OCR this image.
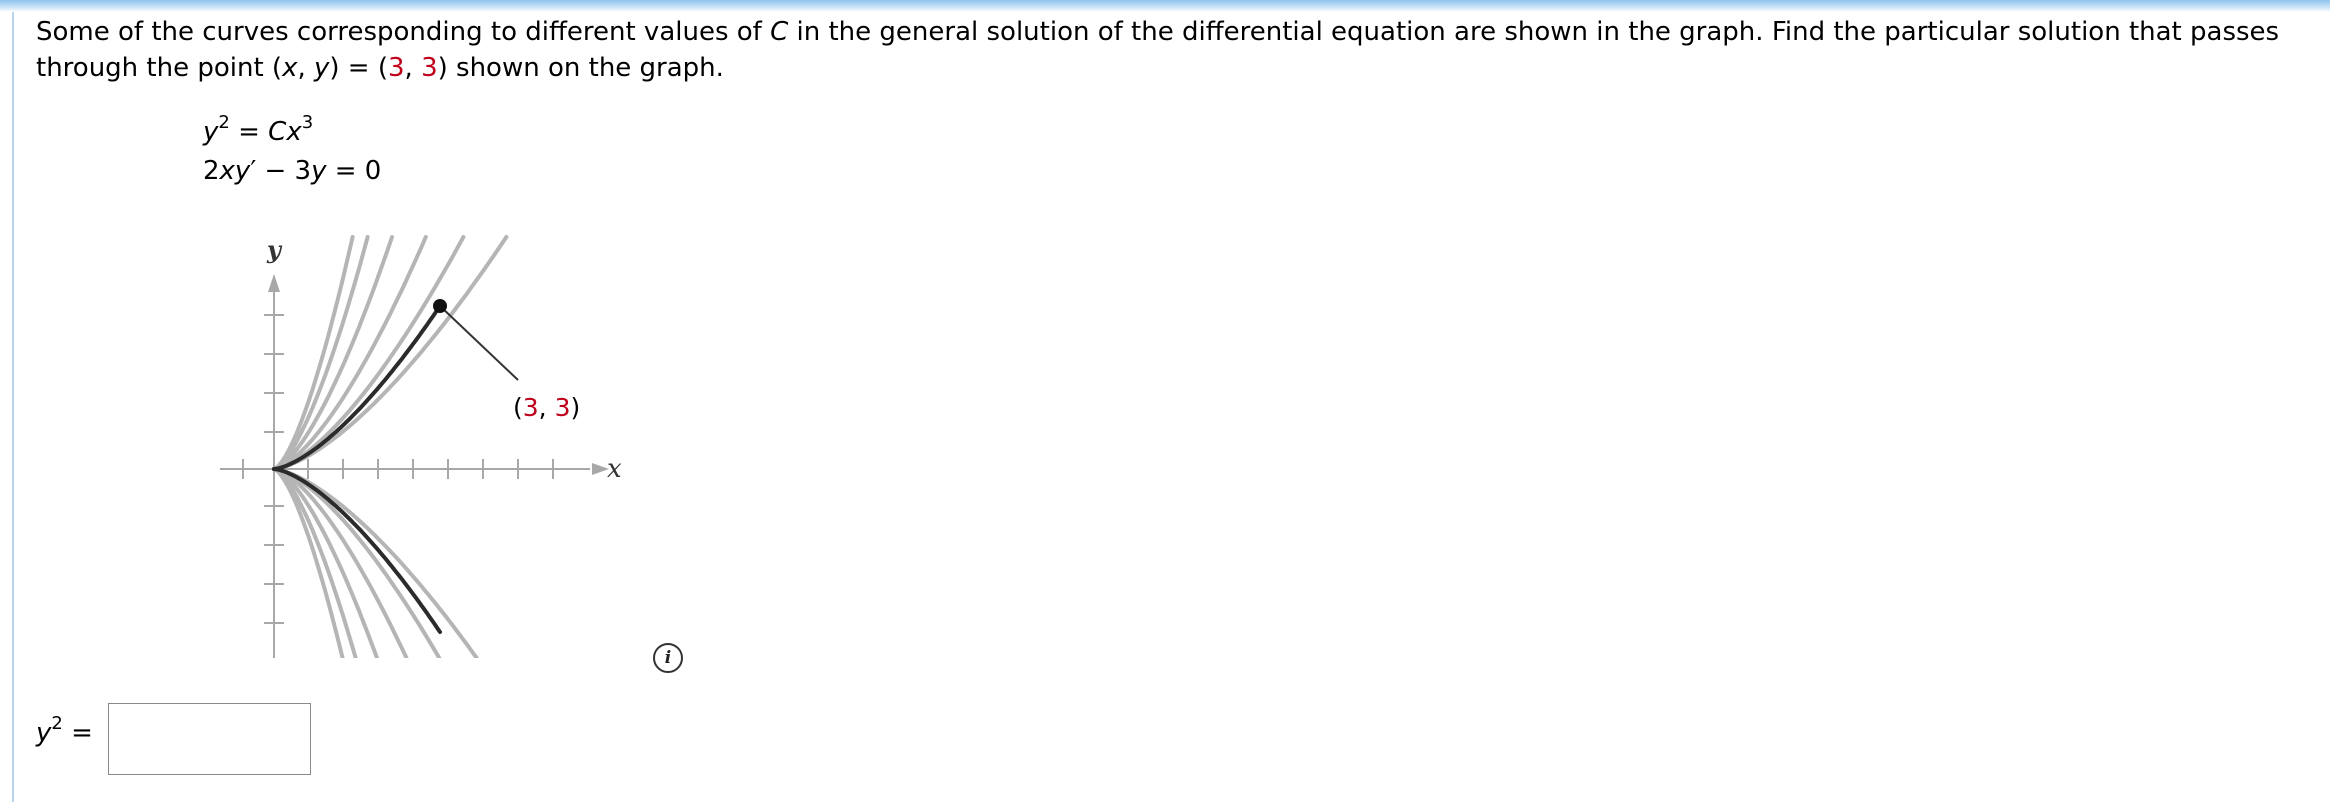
Some of the curves corresponding to different values of C in the general solution of the differential equation are shown in the graph. Find the particular solution that passes through the point (x, y) = (3, 3) shown on the graph.

$y^2 = Cx^3$
2xy′ − 3y = 0
(3, 3)
y
x
i
$y^2$ =
